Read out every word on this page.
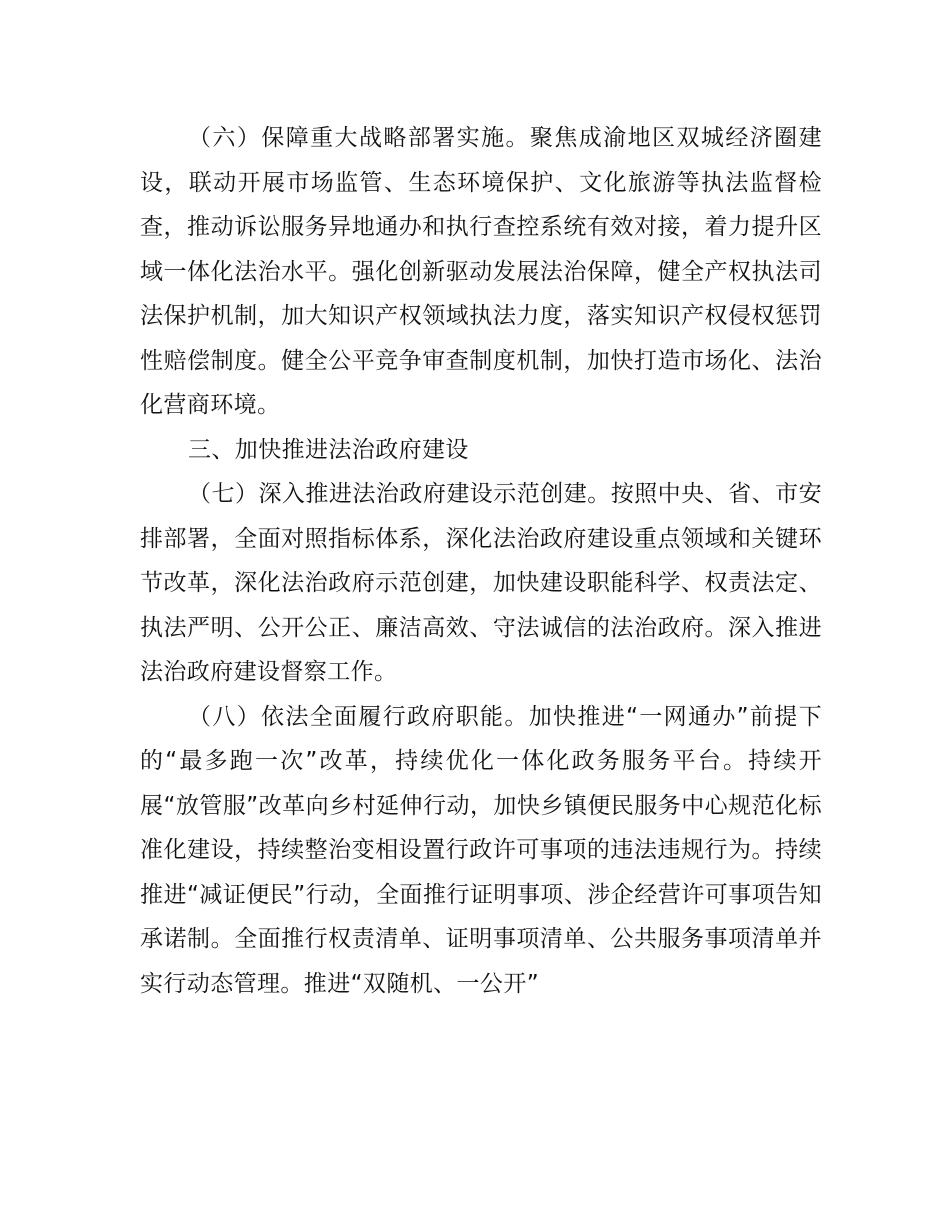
（六）保障重大战略部署实施。聚焦成渝地区双城经济圈建设，联动开展市场监管、生态环境保护、文化旅游等执法监督检查，推动诉讼服务异地通办和执行查控系统有效对接，着力提升区域一体化法治水平。强化创新驱动发展法治保障，健全产权执法司法保护机制，加大知识产权领域执法力度，落实知识产权侵权惩罚性赔偿制度。健全公平竞争审查制度机制，加快打造市场化、法治化营商环境。

三、加快推进法治政府建设

（七）深入推进法治政府建设示范创建。按照中央、省、市安排部署，全面对照指标体系，深化法治政府建设重点领域和关键环节改革，深化法治政府示范创建，加快建设职能科学、权责法定、执法严明、公开公正、廉洁高效、守法诚信的法治政府。深入推进法治政府建设督察工作。

（八）依法全面履行政府职能。加快推进“一网通办”前提下的“最多跑一次”改革，持续优化一体化政务服务平台。持续开展“放管服”改革向乡村延伸行动，加快乡镇便民服务中心规范化标准化建设，持续整治变相设置行政许可事项的违法违规行为。持续推进“减证便民”行动，全面推行证明事项、涉企经营许可事项告知承诺制。全面推行权责清单、证明事项清单、公共服务事项清单并实行动态管理。推进“双随机、一公开”
